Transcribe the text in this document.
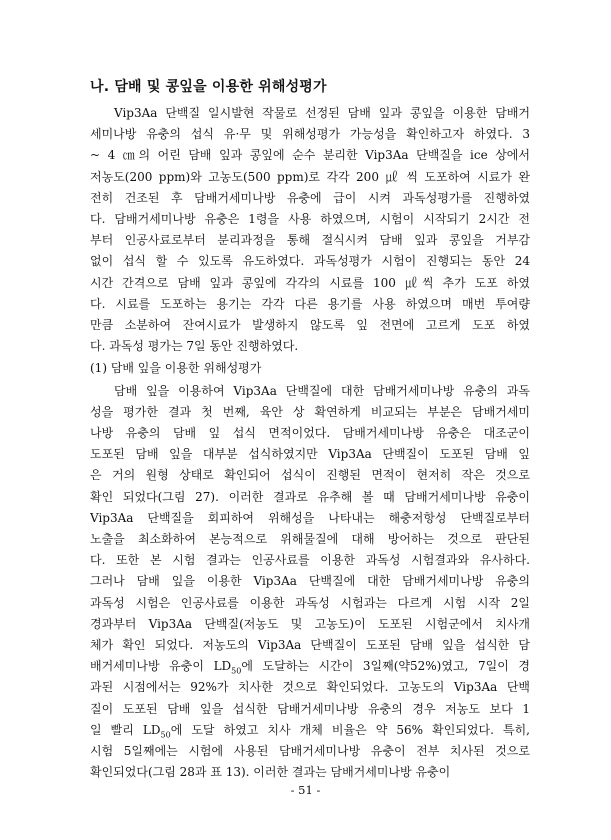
나. 담배 및 콩잎을 이용한 위해성평가
Vip3Aa 단백질 일시발현 작물로 선정된 담배 잎과 콩잎을 이용한 담배거
세미나방 유충의 섭식 유·무 및 위해성평가 가능성을 확인하고자 하였다. 3
~ 4 ㎝의 어린 담배 잎과 콩잎에 순수 분리한 Vip3Aa 단백질을 ice 상에서
저농도(200 ppm)와 고농도(500 ppm)로 각각 200 ㎕ 씩 도포하여 시료가 완
전히 건조된 후 담배거세미나방 유충에 급이 시켜 과독성평가를 진행하였
다. 담배거세미나방 유충은 1령을 사용 하였으며, 시험이 시작되기 2시간 전
부터 인공사료로부터 분리과정을 통해 절식시켜 담배 잎과 콩잎을 거부감
없이 섭식 할 수 있도록 유도하였다. 과독성평가 시험이 진행되는 동안 24
시간 간격으로 담배 잎과 콩잎에 각각의 시료를 100 ㎕씩 추가 도포 하였
다. 시료를 도포하는 용기는 각각 다른 용기를 사용 하였으며 매번 투여량
만큼 소분하여 잔여시료가 발생하지 않도록 잎 전면에 고르게 도포 하였
다. 과독성 평가는 7일 동안 진행하였다.
(1) 담배 잎을 이용한 위해성평가
담배 잎을 이용하여 Vip3Aa 단백질에 대한 담배거세미나방 유충의 과독
성을 평가한 결과 첫 번째, 육안 상 확연하게 비교되는 부분은 담배거세미
나방 유충의 담배 잎 섭식 면적이었다. 담배거세미나방 유충은 대조군이
도포된 담배 잎을 대부분 섭식하였지만 Vip3Aa 단백질이 도포된 담배 잎
은 거의 원형 상태로 확인되어 섭식이 진행된 면적이 현저히 작은 것으로
확인 되었다(그림 27). 이러한 결과로 유추해 볼 때 담배거세미나방 유충이
Vip3Aa 단백질을 회피하여 위해성을 나타내는 해충저항성 단백질로부터
노출을 최소화하여 본능적으로 위해물질에 대해 방어하는 것으로 판단된
다. 또한 본 시험 결과는 인공사료를 이용한 과독성 시험결과와 유사하다.
그러나 담배 잎을 이용한 Vip3Aa 단백질에 대한 담배거세미나방 유충의
과독성 시험은 인공사료를 이용한 과독성 시험과는 다르게 시험 시작 2일
경과부터 Vip3Aa 단백질(저농도 및 고농도)이 도포된 시험군에서 치사개
체가 확인 되었다. 저농도의 Vip3Aa 단백질이 도포된 담배 잎을 섭식한 담
배거세미나방 유충이 $LD_{50}$에 도달하는 시간이 3일째(약52%)였고, 7일이 경
과된 시점에서는 92%가 치사한 것으로 확인되었다. 고농도의 Vip3Aa 단백
질이 도포된 담배 잎을 섭식한 담배거세미나방 유충의 경우 저농도 보다 1
일 빨리 $LD_{50}$에 도달 하였고 치사 개체 비율은 약 56% 확인되었다. 특히,
시험 5일째에는 시험에 사용된 담배거세미나방 유충이 전부 치사된 것으로
확인되었다(그림 28과 표 13). 이러한 결과는 담배거세미나방 유충이
- 51 -
